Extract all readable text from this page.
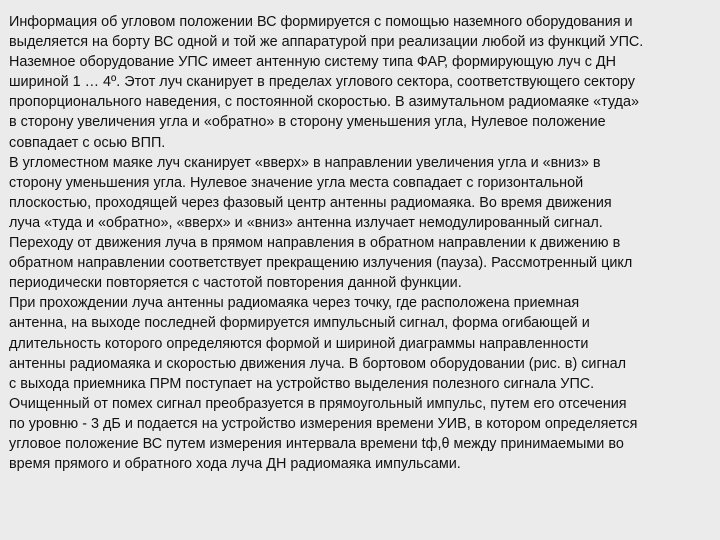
Информация об угловом положении ВС формируется с помощью наземного оборудования и
выделяется на борту ВС одной и той же аппаратурой при реализации любой из функций УПС.
Наземное оборудование УПС имеет антенную систему типа ФАР, формирующую луч с ДН
шириной 1 … 4º. Этот луч сканирует в пределах углового сектора, соответствующего сектору
пропорционального наведения, с постоянной скоростью. В азимутальном радиомаяке «туда»
в сторону увеличения угла и «обратно» в сторону уменьшения угла, Нулевое положение
совпадает с осью ВПП.
В угломестном маяке луч сканирует «вверх» в направлении увеличения угла и «вниз» в
сторону уменьшения угла. Нулевое значение угла места совпадает с горизонтальной
плоскостью, проходящей через фазовый центр антенны радиомаяка. Во время движения
луча «туда и «обратно», «вверх» и «вниз» антенна излучает немодулированный сигнал.
Переходу от движения луча в прямом направления в обратном направлении к движению в
обратном направлении соответствует прекращению излучения (пауза). Рассмотренный цикл
периодически повторяется с частотой повторения данной функции.
При прохождении луча антенны радиомаяка через точку, где расположена приемная
антенна, на выходе последней формируется импульсный сигнал, форма огибающей и
длительность которого определяются формой и шириной диаграммы направленности
антенны радиомаяка и скоростью движения луча. В бортовом оборудовании (рис. в) сигнал
с выхода приемника ПРМ поступает на устройство выделения полезного сигнала УПС.
Очищенный от помех сигнал преобразуется в прямоугольный импульс, путем его отсечения
по уровню - 3 дБ и подается на устройство измерения времени УИВ, в котором определяется
угловое положение ВС путем измерения интервала времени tф,θ между принимаемыми во
время прямого и обратного хода луча ДН радиомаяка импульсами.
